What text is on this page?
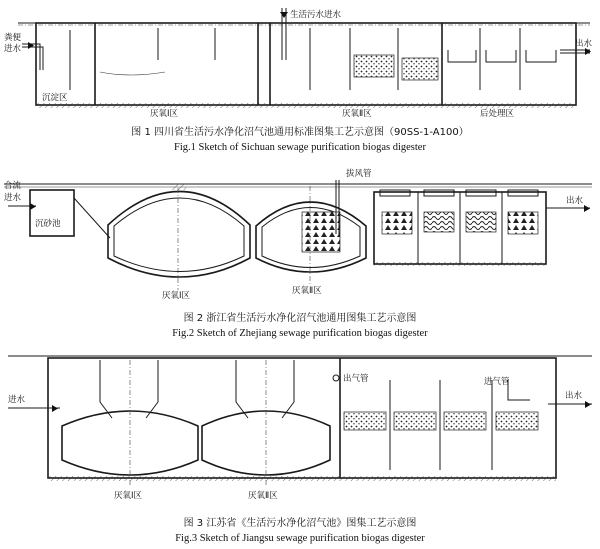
粪便
进水
生活污水进水
出水
沉淀区
厌氧Ⅰ区	厌氧Ⅱ区	后处理区
图 1 四川省生活污水净化沼气池通用标准图集工艺示意图（90SS-1-A100）
Fig.1 Sketch of Sichuan sewage purification biogas digester
合流
进水
沉砂池
拔风管
出水
厌氧Ⅰ区	厌氧Ⅱ区
图 2 浙江省生活污水净化沼气池通用图集工艺示意图
Fig.2 Sketch of Zhejiang sewage purification biogas digester
进水
出气管	进气管
出水
厌氧Ⅰ区	厌氧Ⅱ区
图 3 江苏省《生活污水净化沼气池》图集工艺示意图
Fig.3 Sketch of Jiangsu sewage purification biogas digester
